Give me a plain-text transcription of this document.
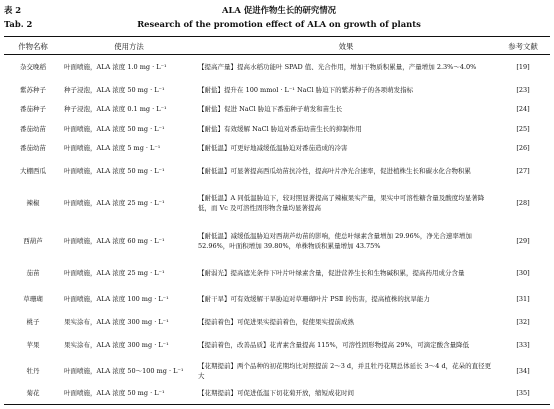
表 2	ALA 促进作物生长的研究情况
Tab. 2	Research of the promotion effect of ALA on growth of plants
作物名称	使用方法	效果	参考文献
杂交晚稻	叶面喷施，ALA 浓度 1.0 mg · L⁻¹	【提高产量】提高水稻功能叶 SPAD 值、光合作用，增加干物质积累量，产量增加 2.3%～4.0%	[19]
紫苏种子	种子浸泡，ALA 浓度 50 mg · L⁻¹	【耐盐】提升在 100 mmol · L⁻¹ NaCl 胁迫下的紫苏种子的各项萌发指标	[23]
番茄种子	种子浸泡，ALA 浓度 0.1 mg · L⁻¹	【耐盐】促进 NaCl 胁迫下番茄种子萌发和苗生长	[24]
番茄幼苗	叶面喷施，ALA 浓度 50 mg · L⁻¹	【耐盐】有效缓解 NaCl 胁迫对番茄幼苗生长的抑制作用	[25]
番茄幼苗	叶面喷施，ALA 浓度 5 mg · L⁻¹	【耐低温】可更好地减缓低温胁迫对番茄造成的冷害	[26]
大棚西瓜	叶面喷施，ALA 浓度 50 mg · L⁻¹	【耐低温】可显著提高西瓜幼苗抗冷性，提高叶片净光合速率，促进植株生长和碳水化合物积累	[27]
辣椒	叶面喷施，ALA 浓度 25 mg · L⁻¹	【耐低温】A 同低温胁迫下，较对照显著提高了辣椒果实产量，果实中可溶性糖含量及酸度均显著降低，而 Vc 及可溶性固形物含量均显著提高	[28]
西葫芦	叶面喷施，ALA 浓度 60 mg · L⁻¹	【耐低温】减缓低温胁迫对西葫芦幼苗的影响，使总叶绿素含量增加 29.96%，净光合速率增加 52.96%，叶面积增加 39.80%，单株物质积累量增加 43.75%	[29]
茄苗	叶面喷施，ALA 浓度 25 mg · L⁻¹	【耐弱光】提高遮光条件下叶片叶绿素含量，促进营养生长和生物碱积累，提高药用成分含量	[30]
草珊瑚	叶面喷施，ALA 浓度 100 mg · L⁻¹	【耐干旱】可有效缓解干旱胁迫对草珊瑚叶片 PSⅡ 的伤害，提高植株的抗旱能力	[31]
桃子	果实涂布，ALA 浓度 300 mg · L⁻¹	【提前着色】可促进果实提前着色，促使果实提前成熟	[32]
苹果	果实涂布，ALA 浓度 300 mg · L⁻¹	【提前着色，改善品质】花青素含量提高 115%，可溶性固形物提高 29%，可滴定酸含量降低	[33]
牡丹	叶面喷施，ALA 浓度 50～100 mg · L⁻¹	【花期提前】两个品种的初花期均比对照提前 2～3 d，并且牡丹花期总体延长 3～4 d，花朵的直径更大	[34]
菊花	叶面喷施，ALA 浓度 50 mg · L⁻¹	【花期提前】可促进低温下切花菊开放，缩短成花时间	[35]
